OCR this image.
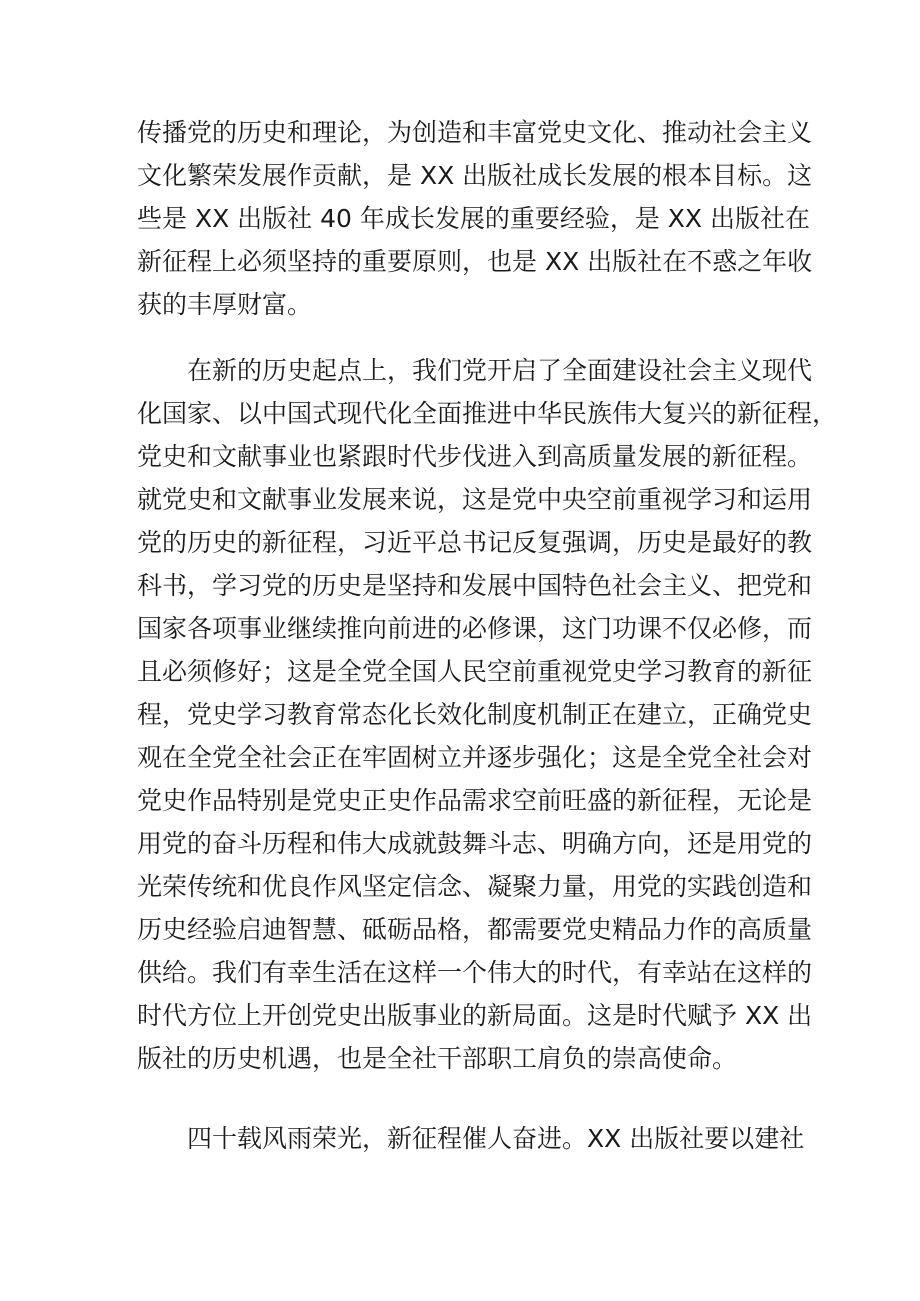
传播党的历史和理论，为创造和丰富党史文化、推动社会主义
文化繁荣发展作贡献，是 XX 出版社成长发展的根本目标。这
些是 XX 出版社 40 年成长发展的重要经验，是 XX 出版社在
新征程上必须坚持的重要原则，也是 XX 出版社在不惑之年收
获的丰厚财富。
在新的历史起点上，我们党开启了全面建设社会主义现代
化国家、以中国式现代化全面推进中华民族伟大复兴的新征程，
党史和文献事业也紧跟时代步伐进入到高质量发展的新征程。
就党史和文献事业发展来说，这是党中央空前重视学习和运用
党的历史的新征程，习近平总书记反复强调，历史是最好的教
科书，学习党的历史是坚持和发展中国特色社会主义、把党和
国家各项事业继续推向前进的必修课，这门功课不仅必修，而
且必须修好；这是全党全国人民空前重视党史学习教育的新征
程，党史学习教育常态化长效化制度机制正在建立，正确党史
观在全党全社会正在牢固树立并逐步强化；这是全党全社会对
党史作品特别是党史正史作品需求空前旺盛的新征程，无论是
用党的奋斗历程和伟大成就鼓舞斗志、明确方向，还是用党的
光荣传统和优良作风坚定信念、凝聚力量，用党的实践创造和
历史经验启迪智慧、砥砺品格，都需要党史精品力作的高质量
供给。我们有幸生活在这样一个伟大的时代，有幸站在这样的
时代方位上开创党史出版事业的新局面。这是时代赋予 XX 出
版社的历史机遇，也是全社干部职工肩负的崇高使命。
四十载风雨荣光，新征程催人奋进。XX 出版社要以建社
